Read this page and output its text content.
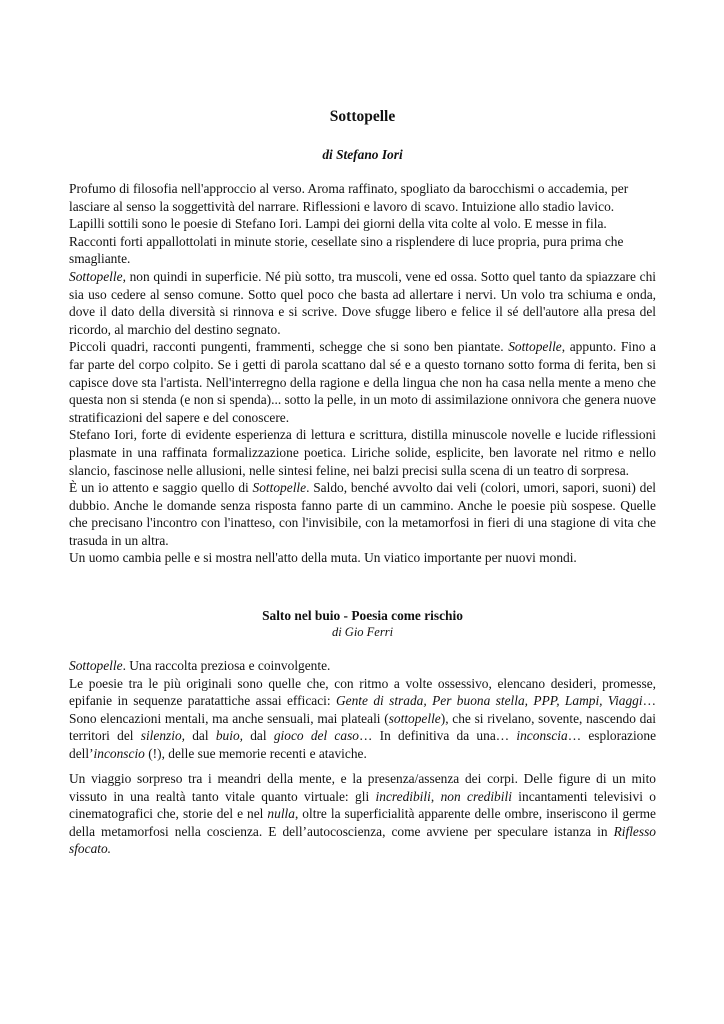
Sottopelle
di Stefano Iori

Profumo di filosofia nell'approccio al verso. Aroma raffinato, spogliato da barocchismi o accademia, per

lasciare al senso la soggettività del narrare. Riflessioni e lavoro di scavo. Intuizione allo stadio lavico.

Lapilli sottili sono le poesie di Stefano Iori. Lampi dei giorni della vita colte al volo. E messe in fila.

Racconti forti appallottolati in minute storie, cesellate sino a risplendere di luce propria, pura prima che

smagliante.

Sottopelle, non quindi in superficie. Né più sotto, tra muscoli, vene ed ossa. Sotto quel tanto da spiazzare chi sia uso cedere al senso comune. Sotto quel poco che basta ad allertare i nervi. Un volo tra schiuma e onda, dove il dato della diversità si rinnova e si scrive. Dove sfugge libero e felice il sé dell'autore alla presa del ricordo, al marchio del destino segnato.

Piccoli quadri, racconti pungenti, frammenti, schegge che si sono ben piantate. Sottopelle, appunto. Fino a far parte del corpo colpito. Se i getti di parola scattano dal sé e a questo tornano sotto forma di ferita, ben si capisce dove sta l'artista. Nell'interregno della ragione e della lingua che non ha casa nella mente a meno che questa non si stenda (e non si spenda)... sotto la pelle, in un moto di assimilazione onnivora che genera nuove stratificazioni del sapere e del conoscere.

Stefano Iori, forte di evidente esperienza di lettura e scrittura, distilla minuscole novelle e lucide riflessioni plasmate in una raffinata formalizzazione poetica. Liriche solide, esplicite, ben lavorate nel ritmo e nello slancio, fascinose nelle allusioni, nelle sintesi feline, nei balzi precisi sulla scena di un teatro di sorpresa.

È un io attento e saggio quello di Sottopelle. Saldo, benché avvolto dai veli (colori, umori, sapori, suoni) del dubbio. Anche le domande senza risposta fanno parte di un cammino. Anche le poesie più sospese. Quelle che precisano l'incontro con l'inatteso, con l'invisibile, con la metamorfosi in fieri di una stagione di vita che trasuda in un altra.

Un uomo cambia pelle e si mostra nell'atto della muta. Un viatico importante per nuovi mondi.

Salto nel buio - Poesia come rischio
di Gio Ferri

Sottopelle. Una raccolta preziosa e coinvolgente.

Le poesie tra le più originali sono quelle che, con ritmo a volte ossessivo, elencano desideri, promesse, epifanie in sequenze paratattiche assai efficaci: Gente di strada, Per buona stella, PPP, Lampi, Viaggi… Sono elencazioni mentali, ma anche sensuali, mai plateali (sottopelle), che si rivelano, sovente, nascendo dai territori del silenzio, dal buio, dal gioco del caso… In definitiva da una… inconscia… esplorazione dell’inconscio (!), delle sue memorie recenti e ataviche.

Un viaggio sorpreso tra i meandri della mente, e la presenza/assenza dei corpi. Delle figure di un mito vissuto in una realtà tanto vitale quanto virtuale: gli incredibili, non credibili incantamenti televisivi o cinematografici che, storie del e nel nulla, oltre la superficialità apparente delle ombre, inseriscono il germe della metamorfosi nella coscienza. E dell’autocoscienza, come avviene per speculare istanza in Riflesso sfocato.
